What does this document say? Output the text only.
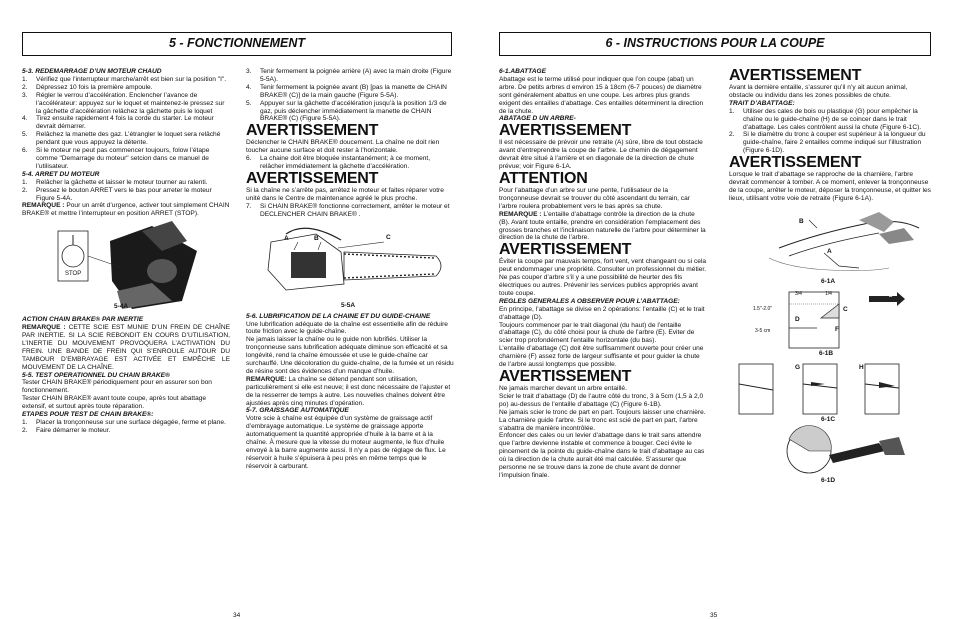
5 - FONCTIONNEMENT

5-3. REDEMARRAGE D’UN MOTEUR CHAUD

1.	Vérifiez que l’interrupteur marche/arrêt est bien sur la position "I".
2.	Dépressez 10 fois la première ampoule.
3.	Régler le verrou d’accélération. Enclencher l’avance de l’accélérateur: appuyez sur le loquet et maintenez-le pressez sur la gâchette d’accélération relâchez la gâchette puis le loquet
4.	Tirez ensuite rapidement 4 fois la corde du starter. Le moteur devrait démarrer.
5.	Relâchez la manette des gaz. L’étrangler le loquet sera relâché pendant que vous appuyez la détente.
6.	Si le moteur ne peut pas commencer toujours, folow l’étape comme "Demarrage du moteur" setcion dans ce manuel de l’utilisateur.

5-4. ARRET DU MOTEUR

1.	Relâcher la gâchette et laisser le moteur tourner au ralenti.
2.	Pressez le bouton ARRET vers le bas pour arreter le moteur Figure 5-4A.

REMARQUE : Pour un arrêt d’urgence, activer tout simplement CHAIN BRAKE® et mettre l’interrupteur en position ARRET (STOP).

STOP
5-4A

ACTION CHAIN BRAKE® PAR INERTIE

REMARQUE : CETTE SCIE EST MUNIE D’UN FREIN DE CHAÎNE PAR INERTIE. SI LA SCIE REBONDIT EN COURS D’UTILISATION, L’INERTIE DU MOUVEMENT PROVOQUERA L’ACTIVATION DU FREIN. UNE BANDE DE FREIN QUI S’ENROULE AUTOUR DU TAMBOUR D’EMBRAYAGE EST ACTIVÉE ET EMPÊCHE LE MOUVEMENT DE LA CHAÎNE.

5-5. TEST OPERATIONNEL DU CHAIN BRAKE®

Tester CHAIN BRAKE® périodiquement pour en assurer son bon fonctionnement.

Tester CHAIN BRAKE® avant toute coupe, après tout abattage extensif, et surtout après toute réparation.

ETAPES POUR TEST DE CHAIN BRAKE®:

1.	Placer la tronçonneuse sur une surface dégagée, ferme et plane.
2.	Faire démarrer le moteur.
3.	Tenir fermement la poignée arrière (A) avec la main droite (Figure 5-5A).
4.	Tenir fermement la poignée avant (B) [pas la manette de CHAIN BRAKE® (C)] de la main gauche (Figure 5-5A).
5.	Appuyer sur la gâchette d’accélération jusqu’à la position 1/3 de gaz, puis déclencher immédiatement la manette de CHAIN BRAKE® (C) (Figure 5-5A).

AVERTISSEMENT

Déclencher le CHAIN BRAKE® doucement. La chaîne ne doit rien toucher aucune surface et doit rester à l’horizontale.

6.	La chaine doit être bloquée instantanément; à ce moment, relâcher immédiatement la gâchette d’accélération.

AVERTISSEMENT

Si la chaîne ne s’arrête pas, arrêtez le moteur et faites réparer votre unité dans le Centre de maintenance agréé le plus proche.

7.	Si CHAIN BRAKE® fonctionne correctement, arrêter le moteur et DECLENCHER CHAIN BRAKE® .
A	B	C
5-5A

5-6. LUBRIFICATION DE LA CHAINE ET DU GUIDE-CHAINE

Une lubrification adéquate de la chaîne est essentielle afin de réduire toute friction avec le guide-chaîne.

Ne jamais laisser la chaîne ou le guide non lubrifiés. Utiliser la tronçonneuse sans lubrification adéquate diminue son efficacité et sa longévité, rend la chaîne émoussée et use le guide-chaîne car surchauffé. Une décoloration du guide-chaîne, de la fumée et un résidu de résine sont des évidences d’un manque d’huile.

REMARQUE: La chaîne se détend pendant son utilisation, particulièrement si elle est neuve; il est donc nécessaire de l’ajuster et de la resserrer de temps à autre. Les nouvelles chaînes doivent être ajustées après cinq minutes d’opération.

5-7. GRAISSAGE AUTOMATIQUE

Votre scie à chaîne est équipée d’un système de graissage actif d’embrayage automatique. Le système de graissage apporte automatiquement la quantité appropriée d’huile à la barre et à la chaîne. À mesure que la vitesse du moteur augmente, le flux d’huile envoyé à la barre augmente aussi. Il n’y a pas de réglage de flux. Le réservoir à huile s’épuisera à peu près en même temps que le réservoir à carburant.

34
6 - INSTRUCTIONS POUR LA COUPE

6-1.ABATTAGE

Abattage est le terme utilisé pour indiquer que l’on coupe (abat) un arbre. De petits arbres d environ 15 à 18cm (6-7 pouces) de diamètre sont généralement abattus en une coupe. Les arbres plus grands exigent des entailles d’abattage. Ces entailles déterminent la direction de la chute.

ABATAGE D UN ARBRE-

AVERTISSEMENT

Il est nécessaire de prévoir une retraite (A) sûre, libre de tout obstacle avant d’entreprendre la coupe de l’arbre. Le chemin de dégagement devrait être situé à l’arrière et en diagonale de la direction de chute prévue; voir Figure 6-1A.

ATTENTION

Pour l’abattage d’un arbre sur une pente, l’utilisateur de la tronçonneuse devrait se trouver du côté ascendant du terrain, car l’arbre roulera probablement vers le bas après sa chute.

REMARQUE : L’entaille d’abattage contrôle la direction de la chute (B). Avant toute entaille, prendre en considération l’emplacement des grosses branches et l’inclinaison naturelle de l’arbre pour déterminer la direction de la chute de l’arbre.

AVERTISSEMENT

Éviter la coupe par mauvais temps, fort vent, vent changeant ou si cela peut endommager une propriété. Consulter un professionnel du métier.

Ne pas couper d’arbre s’il y a une possibilité de heurter des fils électriques ou autres. Prévenir les services publics appropriés avant toute coupe.

REGLES GENERALES A OBSERVER POUR L’ABATTAGE:

En principe, l’abattage se divise en 2 opérations: l’entaille (C) et le trait d’abattage (D).

Toujours commencer par le trait diagonal (du haut) de l’entaille d’abattage (C), du côté choisi pour la chute de l’arbre (E). Eviter de scier trop profondément l’entaille horizontale (du bas).

L’entaille d’abattage (C) doit être suffisamment ouverte pour créer une charnière (F) assez forte de largeur suffisante et pour guider la chute de l’arbre aussi longtemps que possible.

AVERTISSEMENT

Ne jamais marcher devant un arbre entaillé.

Scier le trait d’abattage (D) de l’autre côté du tronc, 3 à 5cm (1,5 à 2,0 po) au-dessus de l’entaille d’abattage (C) (Figure 6-1B).

Ne jamais scier le tronc de part en part. Toujours laisser une charnière. La charnière guide l’arbre. Si le tronc est scié de part en part, l’arbre s’abattra de manière incontrôlée.

Enfoncer des cales ou un levier d’abattage dans le trait sans attendre que l’arbre devienne instable et commence à bouger. Ceci évite le pincement de la pointe du guide-chaîne dans le trait d’abattage au cas où la direction de la chute aurait été mal calculée. S’assurer que personne ne se trouve dans la zone de chute avant de donner l’impulsion finale.

AVERTISSEMENT

Avant la dernière entaille, s’assurer qu’il n’y ait aucun animal, obstacle ou individu dans les zones possibles de chute.

TRAIT D’ABATTAGE:

1.	Utiliser des cales de bois ou plastique (G) pour empêcher la chaîne ou le guide-chaîne (H) de se coincer dans le trait d’abattage. Les cales contrôlent aussi la chute (Figure 6-1C).
2.	Si le diamètre du tronc à couper est supérieur à la longueur du guide-chaîne, faire 2 entailles comme indiqué sur l’illustration (Figure 6-1D).

AVERTISSEMENT

Lorsque le trait d’abattage se rapproche de la charnière, l’arbre devrait commencer à tomber. A ce moment, enlever la tronçonneuse de la coupe, arrêter le moteur, déposer la tronçonneuse, et quitter les lieux, utilisant votre voie de retraite (Figure 6-1A).

B
A
6-1A
E
3/4	1/4
C
1.5"-2.0"
D
3-5 cm	F
6-1B
G	H
6-1C
6-1D
35
